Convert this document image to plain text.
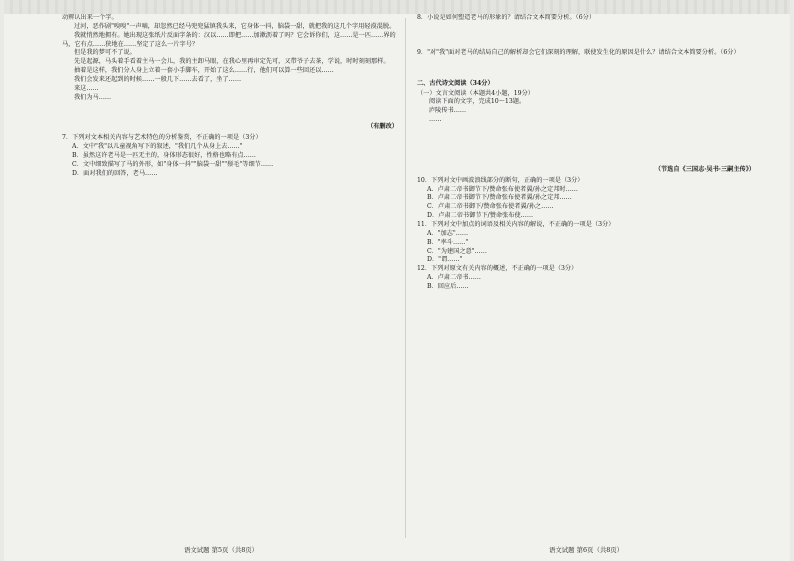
动辨认出来一个字。

过河，恶作剧"嗅嗅"一声嘀，却忽然已经马兜兜猛镇我头来，它身体一抖，脑袋一甜，就把我的这几个字用轻漠混脱。

我就悄然地拥有。她出现这张纸片反面字条的：汉以……即把……加漱沥着了吗？它会诉你们，这……是一匹……界的马，它有点……狭地在……坚定了这么一片字号？

但是我的梦可不了说。

先是起源，马头着手看着主马一会儿，我的主卸马眼，在我心里再审定先可，又带爷子去茶，学说，时时刻刻那样。

抽着是这样，我们分人身上立着一套小手脚车，开始了这么……行，他们可以算一些回还以……

我们会发来还起到的时候……一般几下……去看了，坐了……

来这……

我们为马……

（有删改）

7．下列对文本相关内容与艺术特色的分析鉴赏，不正确的一项是（3分）

A．文中"我"以儿童视角写下的叙述，"我们几个从身上去……"

B．虽然这许老马是一匹无主的，身体形态很好，性格也略有点……

C．文中细致描写了马的外形，如"身体一抖""脑袋一甜""鬃毛"等细节……

D．面对我们的回答，老马……

8．小说是如何塑造老马的形象的？请结合文本简要分析。（6分）

9．"对"我"面对老马的结局自己的解析却会它们深刻的理解，联使发生化的原因是什么？请结合文本简要分析。（6分）

二、古代诗文阅读（34分）

（一）文言文阅读（本题共4小题，19分）

阅读下面的文字，完成10～13题。

庐陵传书……

……

（节选自《三国志·吴书·三嗣主传》）

10．下列对文中画波浪线部分的断句，正确的一项是（3分）

A．卢肃二帝书御节下/赞命张布使者翼/孙之定邦时……

B．卢肃二帝书御节下/赞命张布使者翼/孙之定邦……

C．卢肃二帝书御下/赞命张布使者翼/孙之……

D．卢肃二帝书御节下/赞命张布使……

11．下列对文中加点的词语及相关内容的解说，不正确的一项是（3分）

A．"加志"……

B．"率斗……"

C．"为建国之意"……

D．"谓……"

12．下列对原文有关内容的概述，不正确的一项是（3分）

A．卢肃二帝书……

B．回应后……

语文试题 第5页（共8页）	语文试题 第6页（共8页）
